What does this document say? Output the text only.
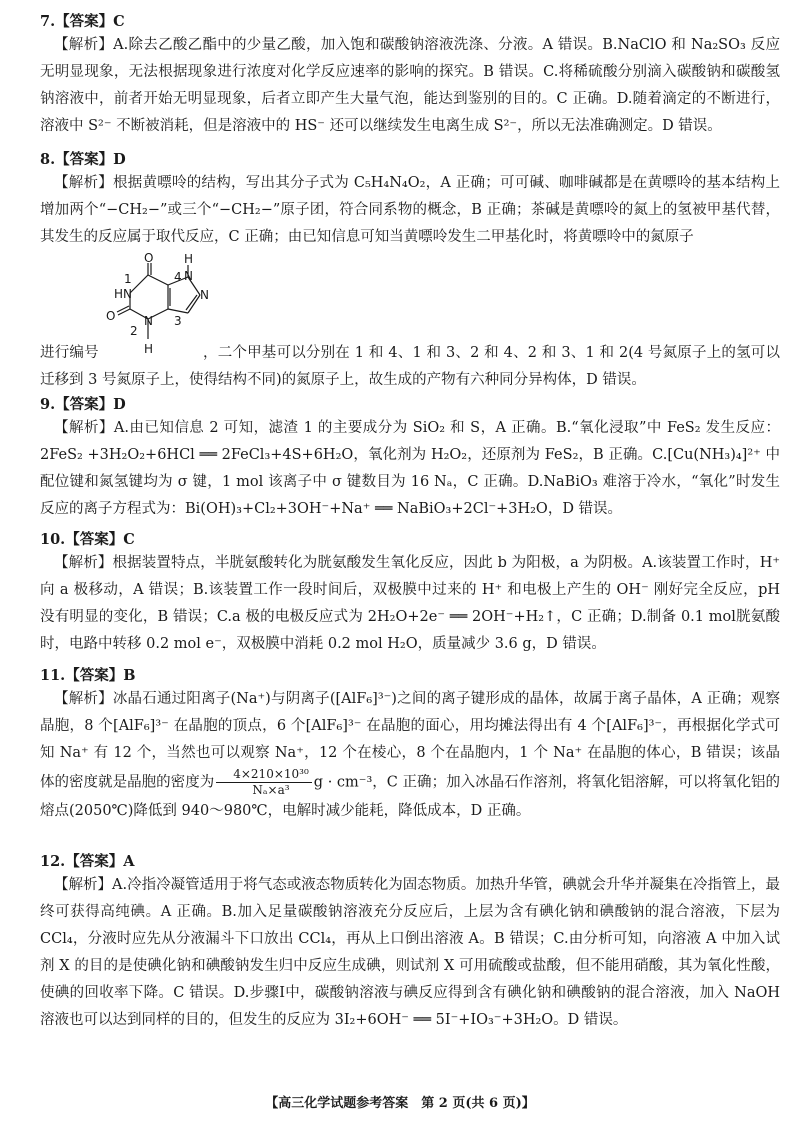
7.【答案】C

【解析】A.除去乙酸乙酯中的少量乙酸，加入饱和碳酸钠溶液洗涤、分液。A 错误。B.NaClO 和 Na₂SO₃ 反应无明显现象，无法根据现象进行浓度对化学反应速率的影响的探究。B 错误。C.将稀硫酸分别滴入碳酸钠和碳酸氢钠溶液中，前者开始无明显现象，后者立即产生大量气泡，能达到鉴别的目的。C 正确。D.随着滴定的不断进行，溶液中 S²⁻ 不断被消耗，但是溶液中的 HS⁻ 还可以继续发生电离生成 S²⁻，所以无法准确测定。D 错误。

8.【答案】D

【解析】根据黄嘌呤的结构，写出其分子式为 C₅H₄N₄O₂，A 正确；可可碱、咖啡碱都是在黄嘌呤的基本结构上增加两个“−CH₂−”或三个“−CH₂−”原子团，符合同系物的概念，B 正确；茶碱是黄嘌呤的氮上的氢被甲基代替，其发生的反应属于取代反应，C 正确；由已知信息可知当黄嘌呤发生二甲基化时，将黄嘌呤中的氮原子

O
O
HN
1	N
H
4
N
N
2
3
H

进行编号	，二个甲基可以分别在 1 和 4、1 和 3、2 和 4、2 和 3、1 和 2(4 号氮原子上的氢可以迁移到 3 号氮原子上，使得结构不同)的氮原子上，故生成的产物有六种同分异构体，D 错误。

9.【答案】D

【解析】A.由已知信息 2 可知，滤渣 1 的主要成分为 SiO₂ 和 S，A 正确。B.“氧化浸取”中 FeS₂ 发生反应：2FeS₂ +3H₂O₂+6HCl ══ 2FeCl₃+4S+6H₂O，氧化剂为 H₂O₂，还原剂为 FeS₂，B 正确。C.[Cu(NH₃)₄]²⁺ 中配位键和氮氢键均为 σ 键，1 mol 该离子中 σ 键数目为 16 Nₐ，C 正确。D.NaBiO₃ 难溶于冷水，“氧化”时发生反应的离子方程式为：Bi(OH)₃+Cl₂+3OH⁻+Na⁺ ══ NaBiO₃+2Cl⁻+3H₂O，D 错误。

10.【答案】C

【解析】根据装置特点，半胱氨酸转化为胱氨酸发生氧化反应，因此 b 为阳极，a 为阴极。A.该装置工作时，H⁺ 向 a 极移动，A 错误；B.该装置工作一段时间后，双极膜中过来的 H⁺ 和电极上产生的 OH⁻ 刚好完全反应，pH 没有明显的变化，B 错误；C.a 极的电极反应式为 2H₂O+2e⁻ ══ 2OH⁻+H₂↑，C 正确；D.制备 0.1 mol胱氨酸时，电路中转移 0.2 mol e⁻，双极膜中消耗 0.2 mol H₂O，质量减少 3.6 g，D 错误。

11.【答案】B

【解析】冰晶石通过阳离子(Na⁺)与阴离子([AlF₆]³⁻)之间的离子键形成的晶体，故属于离子晶体，A 正确；观察晶胞，8 个[AlF₆]³⁻ 在晶胞的顶点，6 个[AlF₆]³⁻ 在晶胞的面心，用均摊法得出有 4 个[AlF₆]³⁻，再根据化学式可知 Na⁺ 有 12 个，当然也可以观察 Na⁺，12 个在棱心，8 个在晶胞内，1 个 Na⁺ 在晶胞的体心，B 错误；该晶体的密度就是晶胞的密度为 $\frac{\text{4×210×10³⁰}}{\text{Nₐ×a³}}$ g · cm⁻³，C 正确；加入冰晶石作溶剂，将氧化铝溶解，可以将氧化铝的熔点(2050℃)降低到 940～980℃，电解时减少能耗，降低成本，D 正确。

12.【答案】A

【解析】A.冷指冷凝管适用于将气态或液态物质转化为固态物质。加热升华管，碘就会升华并凝集在冷指管上，最终可获得高纯碘。A 正确。B.加入足量碳酸钠溶液充分反应后，上层为含有碘化钠和碘酸钠的混合溶液，下层为 CCl₄，分液时应先从分液漏斗下口放出 CCl₄，再从上口倒出溶液 A。B 错误；C.由分析可知，向溶液 A 中加入试剂 X 的目的是使碘化钠和碘酸钠发生归中反应生成碘，则试剂 X 可用硫酸或盐酸，但不能用硝酸，其为氧化性酸，使碘的回收率下降。C 错误。D.步骤Ⅰ中，碳酸钠溶液与碘反应得到含有碘化钠和碘酸钠的混合溶液，加入 NaOH 溶液也可以达到同样的目的，但发生的反应为 3I₂+6OH⁻ ══ 5I⁻+IO₃⁻+3H₂O。D 错误。

【高三化学试题参考答案　第 2 页(共 6 页)】
